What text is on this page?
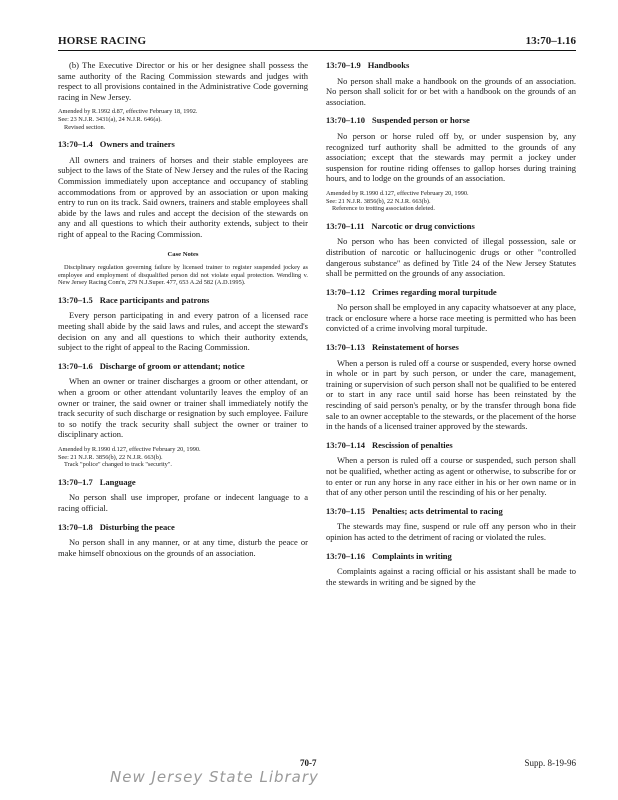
HORSE RACING	13:70–1.16

(b) The Executive Director or his or her designee shall possess the same authority of the Racing Commission stewards and judges with respect to all provisions contained in the Administrative Code governing racing in New Jersey.

Amended by R.1992 d.87, effective February 18, 1992.
See: 23 N.J.R. 3431(a), 24 N.J.R. 646(a).
Revised section.
13:70–1.4 Owners and trainers

All owners and trainers of horses and their stable employees are subject to the laws of the State of New Jersey and the rules of the Racing Commission immediately upon acceptance and occupancy of stabling accommodations from or approved by an association or upon making entry to run on its track. Said owners, trainers and stable employees shall abide by the laws and rules and accept the decision of the stewards on any and all questions to which their authority extends, subject to their right of appeal to the Racing Commission.

Case Notes

Disciplinary regulation governing failure by licensed trainer to register suspended jockey as employee and employment of disqualified person did not violate equal protection. Wendling v. New Jersey Racing Com'n, 279 N.J.Super. 477, 653 A.2d 582 (A.D.1995).

13:70–1.5 Race participants and patrons

Every person participating in and every patron of a licensed race meeting shall abide by the said laws and rules, and accept the steward's decision on any and all questions to which their authority extends, subject to the right of appeal to the Racing Commission.

13:70–1.6 Discharge of groom or attendant; notice

When an owner or trainer discharges a groom or other attendant, or when a groom or other attendant voluntarily leaves the employ of an owner or trainer, the said owner or trainer shall immediately notify the track security of such discharge or resignation by such employee. Failure to so notify the track security shall subject the owner or trainer to disciplinary action.

Amended by R.1990 d.127, effective February 20, 1990.
See: 21 N.J.R. 3856(b), 22 N.J.R. 663(b).
Track "police" changed to track "security".
13:70–1.7 Language

No person shall use improper, profane or indecent language to a racing official.

13:70–1.8 Disturbing the peace

No person shall in any manner, or at any time, disturb the peace or make himself obnoxious on the grounds of an association.

13:70–1.9 Handbooks

No person shall make a handbook on the grounds of an association. No person shall solicit for or bet with a handbook on the grounds of an association.

13:70–1.10 Suspended person or horse

No person or horse ruled off by, or under suspension by, any recognized turf authority shall be admitted to the grounds of any association; except that the stewards may permit a jockey under suspension for routine riding offenses to gallop horses during training hours, and to lodge on the grounds of an association.

Amended by R.1990 d.127, effective February 20, 1990.
See: 21 N.J.R. 3856(b), 22 N.J.R. 663(b).
Reference to trotting association deleted.
13:70–1.11 Narcotic or drug convictions

No person who has been convicted of illegal possession, sale or distribution of narcotic or hallucinogenic drugs or other "controlled dangerous substance" as defined by Title 24 of the New Jersey Statutes shall be permitted on the grounds of any association.

13:70–1.12 Crimes regarding moral turpitude

No person shall be employed in any capacity whatsoever at any place, track or enclosure where a horse race meeting is permitted who has been convicted of a crime involving moral turpitude.

13:70–1.13 Reinstatement of horses

When a person is ruled off a course or suspended, every horse owned in whole or in part by such person, or under the care, management, training or supervision of such person shall not be qualified to be entered or to start in any race until said horse has been reinstated by the rescinding of said person's penalty, or by the transfer through bona fide sale to an owner acceptable to the stewards, or the placement of the horse in the hands of a licensed trainer approved by the stewards.

13:70–1.14 Rescission of penalties

When a person is ruled off a course or suspended, such person shall not be qualified, whether acting as agent or otherwise, to subscribe for or to enter or run any horse in any race either in his or her own name or in that of any other person until the rescinding of his or her penalty.

13:70–1.15 Penalties; acts detrimental to racing

The stewards may fine, suspend or rule off any person who in their opinion has acted to the detriment of racing or violated the rules.

13:70–1.16 Complaints in writing

Complaints against a racing official or his assistant shall be made to the stewards in writing and be signed by the

70-7	Supp. 8-19-96
New Jersey State Library
